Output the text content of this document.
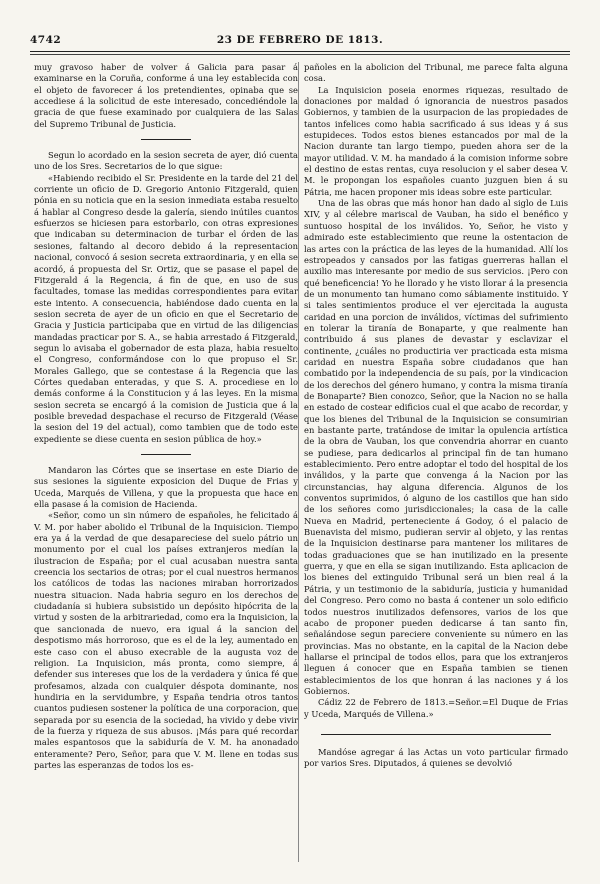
4742	23 DE FEBRERO DE 1813.

muy gravoso haber de volver á Galicia para pasar á examinarse en la Coruña, conforme á una ley establecida con el objeto de favorecer á los pretendientes, opinaba que se accediese á la solicitud de este interesado, concediéndole la gracia de que fuese examinado por cualquiera de las Salas del Supremo Tribunal de Justicia.

Segun lo acordado en la sesion secreta de ayer, dió cuenta uno de los Sres. Secretarios de lo que sigue:

«Habiendo recibido el Sr. Presidente en la tarde del 21 del corriente un oficio de D. Gregorio Antonio Fitzgerald, quien pónia en su noticia que en la sesion inmediata estaba resuelto á hablar al Congreso desde la galería, siendo inútiles cuantos esfuerzos se hiciesen para estorbarlo, con otras expresiones que indicaban su determinacion de turbar el órden de las sesiones, faltando al decoro debido á la representacion nacional, convocó á sesion secreta extraordinaria, y en ella se acordó, á propuesta del Sr. Ortiz, que se pasase el papel de Fitzgerald á la Regencia, á fin de que, en uso de sus facultades, tomase las medidas correspondientes para evitar este intento. A consecuencia, habiéndose dado cuenta en la sesion secreta de ayer de un oficio en que el Secretario de Gracia y Justicia participaba que en virtud de las diligencias mandadas practicar por S. A., se habia arrestado á Fitzgerald, segun lo avisaba el gobernador de esta plaza, habia resuelto el Congreso, conformándose con lo que propuso el Sr. Morales Gallego, que se contestase á la Regencia que las Córtes quedaban enteradas, y que S. A. procediese en lo demás conforme á la Constitucion y á las leyes. En la misma sesion secreta se encargó á la comision de Justicia que á la posible brevedad despachase el recurso de Fitzgerald (Véase la sesion del 19 del actual), como tambien que de todo este expediente se diese cuenta en sesion pública de hoy.»

Mandaron las Córtes que se insertase en este Diario de sus sesiones la siguiente exposicion del Duque de Frias y Uceda, Marqués de Villena, y que la propuesta que hace en ella pasase á la comision de Hacienda.

«Señor, como un sin número de españoles, he felicitado á V. M. por haber abolido el Tribunal de la Inquisicion. Tiempo era ya á la verdad de que desapareciese del suelo pátrio un monumento por el cual los países extranjeros medían la ilustracion de España; por el cual acusaban nuestra santa creencia los sectarios de otras; por el cual nuestros hermanos los católicos de todas las naciones miraban horrorizados nuestra situacion. Nada habria seguro en los derechos de ciudadanía si hubiera subsistido un depósito hipócrita de la virtud y sosten de la arbitrariedad, como era la Inquisicion, la que sancionada de nuevo, era igual á la sancion del despotismo más horroroso, que es el de la ley, aumentado en este caso con el abuso execrable de la augusta voz de religion. La Inquisicion, más pronta, como siempre, á defender sus intereses que los de la verdadera y única fé que profesamos, alzada con cualquier déspota dominante, nos hundiria en la servidumbre, y España tendria otros tantos cuantos pudiesen sostener la política de una corporacion, que separada por su esencia de la sociedad, ha vivido y debe vivir de la fuerza y riqueza de sus abusos. ¡Más para qué recordar males espantosos que la sabiduría de V. M. ha anonadado enteramente? Pero, Señor, para que V. M. llene en todas sus partes las esperanzas de todos los es-

pañoles en la abolicion del Tribunal, me parece falta alguna cosa.

La Inquisicion poseia enormes riquezas, resultado de donaciones por maldad ó ignorancia de nuestros pasados Gobiernos, y tambien de la usurpacion de las propiedades de tantos infelices como habia sacrificado á sus ideas y á sus estupideces. Todos estos bienes estancados por mal de la Nacion durante tan largo tiempo, pueden ahora ser de la mayor utilidad. V. M. ha mandado á la comision informe sobre el destino de estas rentas, cuya resolucion y el saber desea V. M. le propongan los españoles cuanto juzguen bien á su Pátria, me hacen proponer mis ideas sobre este particular.

Una de las obras que más honor han dado al siglo de Luis XIV, y al célebre mariscal de Vauban, ha sido el benéfico y suntuoso hospital de los inválidos. Yo, Señor, he visto y admirado este establecimiento que reune la ostentacion de las artes con la práctica de las leyes de la humanidad. Allí los estropeados y cansados por las fatigas guerreras hallan el auxilio mas interesante por medio de sus servicios. ¡Pero con qué beneficencia! Yo he llorado y he visto llorar á la presencia de un monumento tan humano como sábiamente instituido. Y si tales sentimientos produce el ver ejercitada la augusta caridad en una porcion de inválidos, víctimas del sufrimiento en tolerar la tiranía de Bonaparte, y que realmente han contribuido á sus planes de devastar y esclavizar el continente, ¿cuáles no productiria ver practicada esta misma caridad en nuestra España sobre ciudadanos que han combatido por la independencia de su país, por la vindicacion de los derechos del género humano, y contra la misma tiranía de Bonaparte? Bien conozco, Señor, que la Nacion no se halla en estado de costear edificios cual el que acabo de recordar, y que los bienes del Tribunal de la Inquisicion se consumirian en bastante parte, tratándose de imitar la opulencia artística de la obra de Vauban, los que convendria ahorrar en cuanto se pudiese, para dedicarlos al principal fin de tan humano establecimiento. Pero entre adoptar el todo del hospital de los inválidos, y la parte que convenga á la Nacion por las circunstancias, hay alguna diferencia. Algunos de los conventos suprimidos, ó alguno de los castillos que han sido de los señores como jurisdiccionales; la casa de la calle Nueva en Madrid, perteneciente á Godoy, ó el palacio de Buenavista del mismo, pudieran servir al objeto, y las rentas de la Inquisicion destinarse para mantener los militares de todas graduaciones que se han inutilizado en la presente guerra, y que en ella se sigan inutilizando. Esta aplicacion de los bienes del extinguido Tribunal será un bien real á la Pátria, y un testimonio de la sabiduría, justicia y humanidad del Congreso. Pero como no basta á contener un solo edificio todos nuestros inutilizados defensores, varios de los que acabo de proponer pueden dedicarse á tan santo fin, señalándose segun pareciere conveniente su número en las provincias. Mas no obstante, en la capital de la Nacion debe hallarse el principal de todos ellos, para que los extranjeros lleguen á conocer que en España tambien se tienen establecimientos de los que honran á las naciones y á los Gobiernos.

Cádiz 22 de Febrero de 1813.=Señor.=El Duque de Frias y Uceda, Marqués de Villena.»

Mandóse agregar á las Actas un voto particular firmado por varios Sres. Diputados, á quienes se devolvió
